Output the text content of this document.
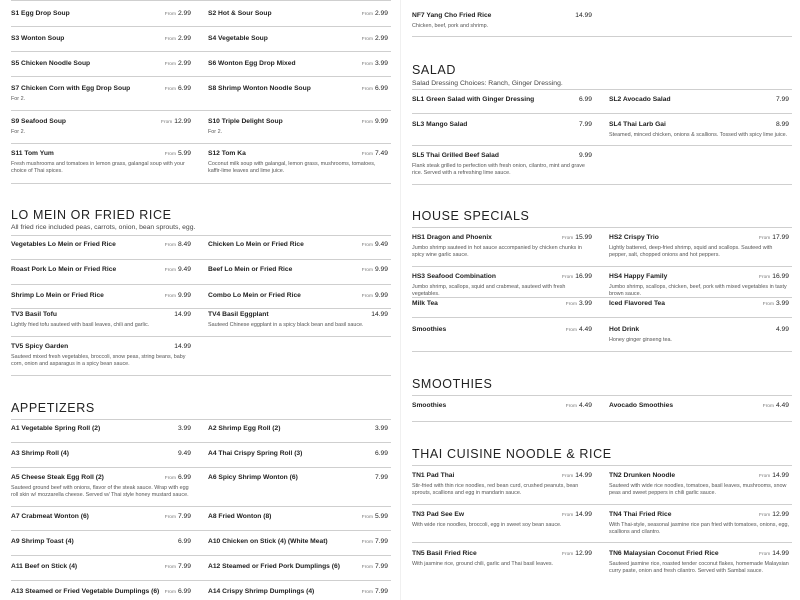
S1 Egg Drop Soup	From 2.99	S2 Hot & Sour Soup	From 2.99
S3 Wonton Soup	From 2.99	S4 Vegetable Soup	From 2.99
S5 Chicken Noodle Soup	From 2.99	S6 Wonton Egg Drop Mixed	From 3.99
S7 Chicken Corn with Egg Drop Soup	From 6.99
For 2.
S8 Shrimp Wonton Noodle Soup	From 6.99
S9 Seafood Soup	From 12.99
For 2.
S10 Triple Delight Soup	From 9.99
For 2.
S11 Tom Yum	From 5.99
Fresh mushrooms and tomatoes in lemon grass, galangal soup with your choice of Thai spices.
S12 Tom Ka	From 7.49
Coconut milk soup with galangal, lemon grass, mushrooms, tomatoes, kaffir-lime leaves and lime juice.
LO MEIN OR FRIED RICE
All fried rice included peas, carrots, onion, bean sprouts, egg.
Vegetables Lo Mein or Fried Rice	From 8.49	Chicken Lo Mein or Fried Rice	From 9.49
Roast Pork Lo Mein or Fried Rice	From 9.49	Beef Lo Mein or Fried Rice	From 9.99
Shrimp Lo Mein or Fried Rice	From 9.99	Combo Lo Mein or Fried Rice	From 9.99
TV3 Basil Tofu	14.99
Lightly fried tofu sauteed with basil leaves, chili and garlic.
TV4 Basil Eggplant	14.99
Sauteed Chinese eggplant in a spicy black bean and basil sauce.
TV5 Spicy Garden	14.99
Sauteed mixed fresh vegetables, broccoli, snow peas, string beans, baby corn, onion and asparagus in a spicy bean sauce.
APPETIZERS
A1 Vegetable Spring Roll (2)	3.99	A2 Shrimp Egg Roll (2)	3.99
A3 Shrimp Roll (4)	9.49	A4 Thai Crispy Spring Roll (3)	6.99
A5 Cheese Steak Egg Roll (2)	From 6.99
Sauteed ground beef with onions, flavor of the steak sauce. Wrap with egg roll skin w/ mozzarella cheese. Served w/ Thai style honey mustard sauce.
A6 Spicy Shrimp Wonton (6)	7.99
A7 Crabmeat Wonton (6)	From 7.99	A8 Fried Wonton (8)	From 5.99
A9 Shrimp Toast (4)	6.99	A10 Chicken on Stick (4) (White Meat)	From 7.99
A11 Beef on Stick (4)	From 7.99	A12 Steamed or Fried Pork Dumplings (6)	From 7.99
A13 Steamed or Fried Vegetable Dumplings (6) From 6.99	A14 Crispy Shrimp Dumplings (4)	From 7.99
NF7 Yang Cho Fried Rice	14.99
Chicken, beef, pork and shrimp.
SALAD
Salad Dressing Choices: Ranch, Ginger Dressing.
SL1 Green Salad with Ginger Dressing	6.99	SL2 Avocado Salad	7.99
SL3 Mango Salad	7.99	SL4 Thai Larb Gai	8.99
Steamed, minced chicken, onions & scallions. Tossed with spicy lime juice.
SL5 Thai Grilled Beef Salad	9.99
Flank steak grilled to perfection with fresh onion, cilantro, mint and grave rice. Served with a refreshing lime sauce.
HOUSE SPECIALS
HS1 Dragon and Phoenix	From 15.99
Jumbo shrimp sauteed in hot sauce accompanied by chicken chunks in spicy wine garlic sauce.
HS2 Crispy Trio	From 17.99
Lightly battered, deep-fried shrimp, squid and scallops. Sauteed with pepper, salt, chopped onions and hot peppers.
HS3 Seafood Combination	From 16.99
Jumbo shrimp, scallops, squid and crabmeat, sauteed with fresh vegetables.
HS4 Happy Family	From 16.99
Jumbo shrimp, scallops, chicken, beef, pork with mixed vegetables in tasty brown sauce.
Milk Tea	From 3.99	Iced Flavored Tea	From 3.99
Smoothies	From 4.49	Hot Drink	4.99
Honey ginger ginseng tea.
SMOOTHIES
Smoothies	From 4.49	Avocado Smoothies	From 4.49
THAI CUISINE NOODLE & RICE
TN1 Pad Thai	From 14.99
Stir-fried with thin rice noodles, red bean curd, crushed peanuts, bean sprouts, scallions and egg in mandarin sauce.
TN2 Drunken Noodle	From 14.99
Sauteed with wide rice noodles, tomatoes, basil leaves, mushrooms, snow peas and sweet peppers in chili garlic sauce.
TN3 Pad See Ew	From 14.99
With wide rice noodles, broccoli, egg in sweet soy bean sauce.
TN4 Thai Fried Rice	From 12.99
With Thai-style, seasonal jasmine rice pan fried with tomatoes, onions, egg, scallions and cilantro.
TN5 Basil Fried Rice	From 12.99
With jasmine rice, ground chili, garlic and Thai basil leaves.
TN6 Malaysian Coconut Fried Rice	From 14.99
Sauteed jasmine rice, roasted tender coconut flakes, homemade Malaysian curry paste, onion and fresh cilantro. Served with Sambal sauce.
